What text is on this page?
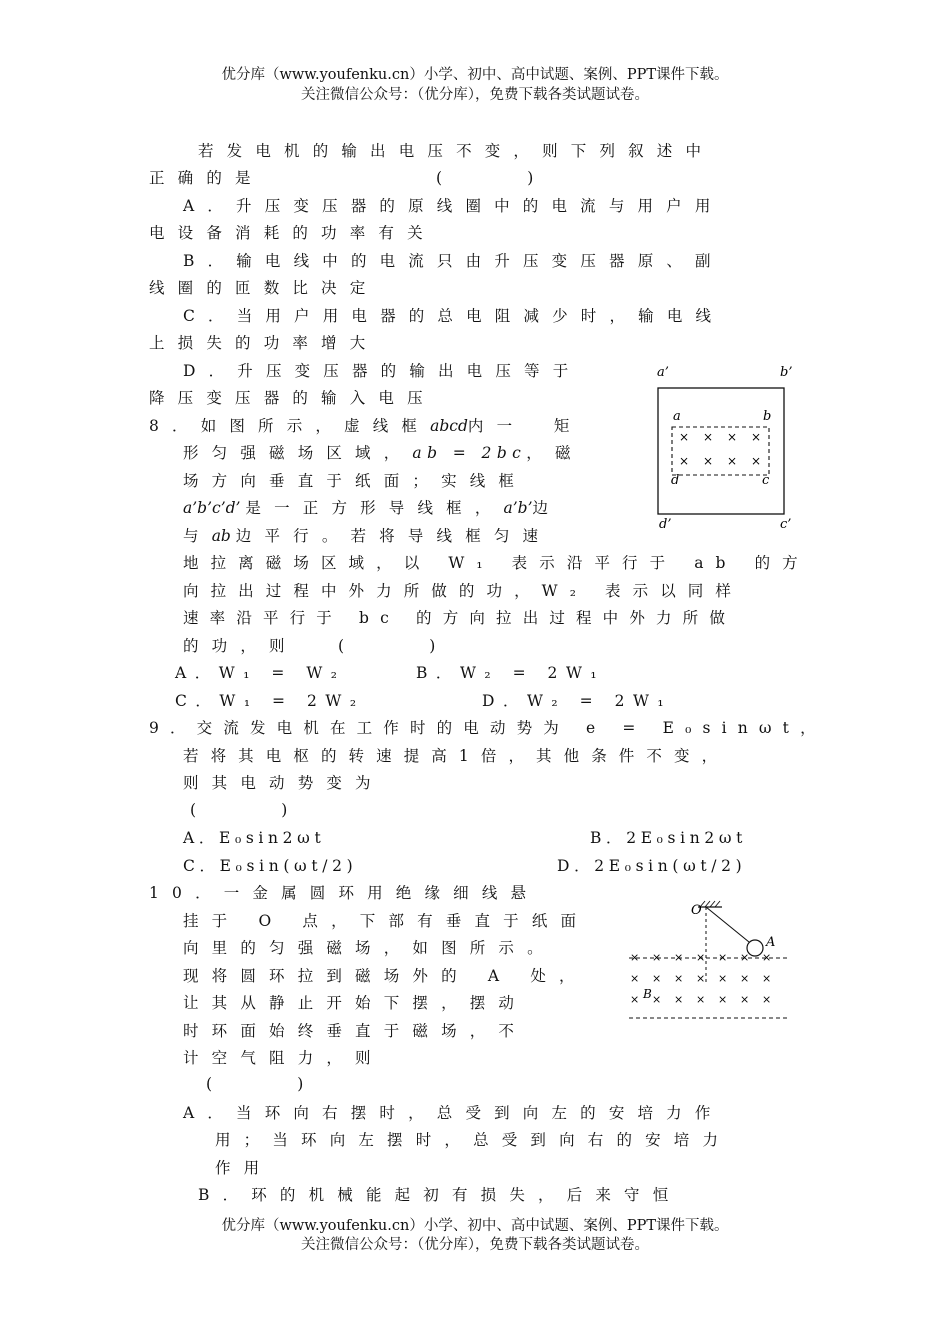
优分库（www.youfenku.cn）小学、初中、高中试题、案例、PPT课件下载。
关注微信公众号：（优分库），免费下载各类试题试卷。
若发电机的输出电压不变，则下列叙述中
正确的是	(　　　　)
A．升压变压器的原线圈中的电流与用户用
电设备消耗的功率有关
B．输电线中的电流只由升压变压器原、副
线圈的匝数比决定
C．当用户用电器的总电阻减少时，输电线
上损失的功率增大
D．升压变压器的输出电压等于
降压变压器的输入电压
a’	b’
a	b
d	c
× × × ×
× × × ×
d’	c’
8．如图所示，虚线框abcd内一　矩
形匀强磁场区域，ab = 2bc，磁
场方向垂直于纸面；实线框
a’b’c’d’ 是一正方形导线框，a’b’边
与ab 边平行。若将导线框匀速
地拉离磁场区域，以 W₁ 表示沿平行于 ab 的方
向拉出过程中外力所做的功，W₂ 表示以同样
速率沿平行于 bc 的方向拉出过程中外力所做
的功，则	(　　　　)
A．W₁ = W₂	B．W₂ = 2W₁
C．W₁ = 2W₂	D．W₂ = 2W₁
9．交流发电机在工作时的电动势为 e = E₀sinωt，
若将其电枢的转速提高1倍，其他条件不变，
则其电动势变为
(　　　　)
A．E₀sin2ωt	B．2E₀sin2ωt
C．E₀sin(ωt/2)	D．2E₀sin(ωt/2)
O
A
× × × × × × ×
× × × × × × ×
× × × × × × ×
B
10．一金属圆环用绝缘细线悬
挂于 O 点，下部有垂直于纸面
向里的匀强磁场，如图所示。
现将圆环拉到磁场外的 A 处，
让其从静止开始下摆，摆动
时环面始终垂直于磁场，不
计空气阻力，则
(　　　　)
A．当环向右摆时，总受到向左的安培力作
用；当环向左摆时，总受到向右的安培力
作用
B．环的机械能起初有损失，后来守恒
优分库（www.youfenku.cn）小学、初中、高中试题、案例、PPT课件下载。
关注微信公众号：（优分库），免费下载各类试题试卷。
